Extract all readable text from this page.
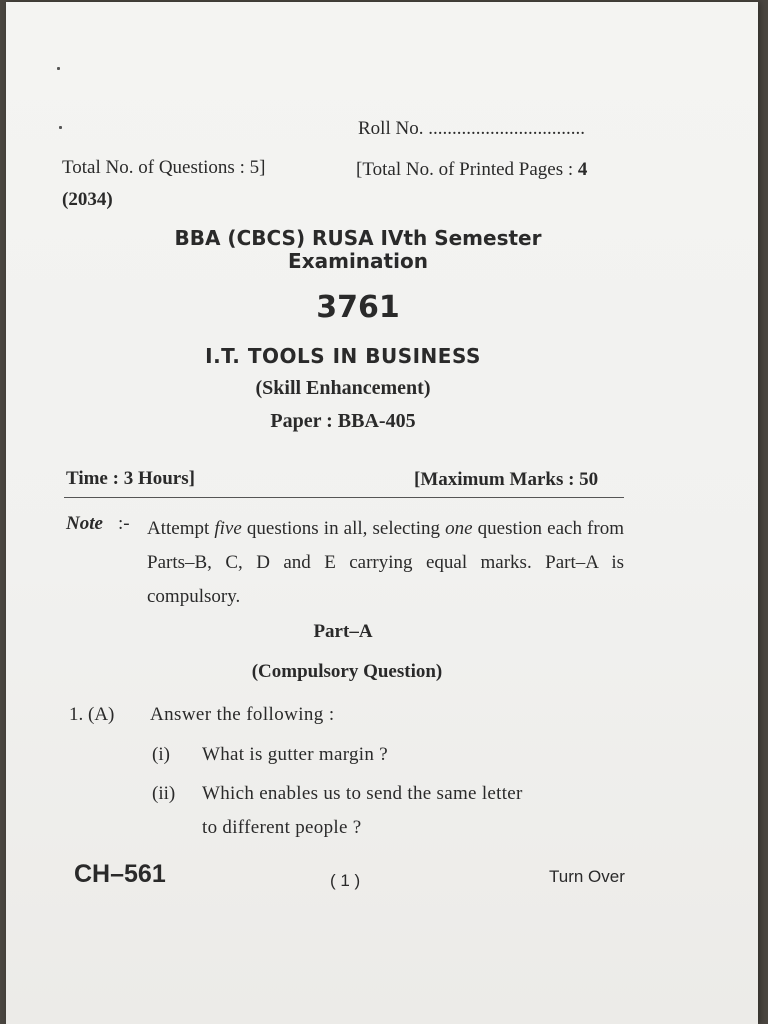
Roll No. .................................
Total No. of Questions : 5]	[Total No. of Printed Pages : 4
(2034)
BBA (CBCS) RUSA IVth Semester
Examination
3761
I.T. TOOLS IN BUSINESS
(Skill Enhancement)
Paper : BBA-405
Time : 3 Hours]	[Maximum Marks : 50
Note :- Attempt five questions in all, selecting one question each from Parts–B, C, D and E carrying equal marks. Part–A is compulsory.
Part–A
(Compulsory Question)
1. (A) Answer the following :
(i) What is gutter margin ?
(ii) Which enables us to send the same letter
to different people ?
CH–561	( 1 )	Turn Over
